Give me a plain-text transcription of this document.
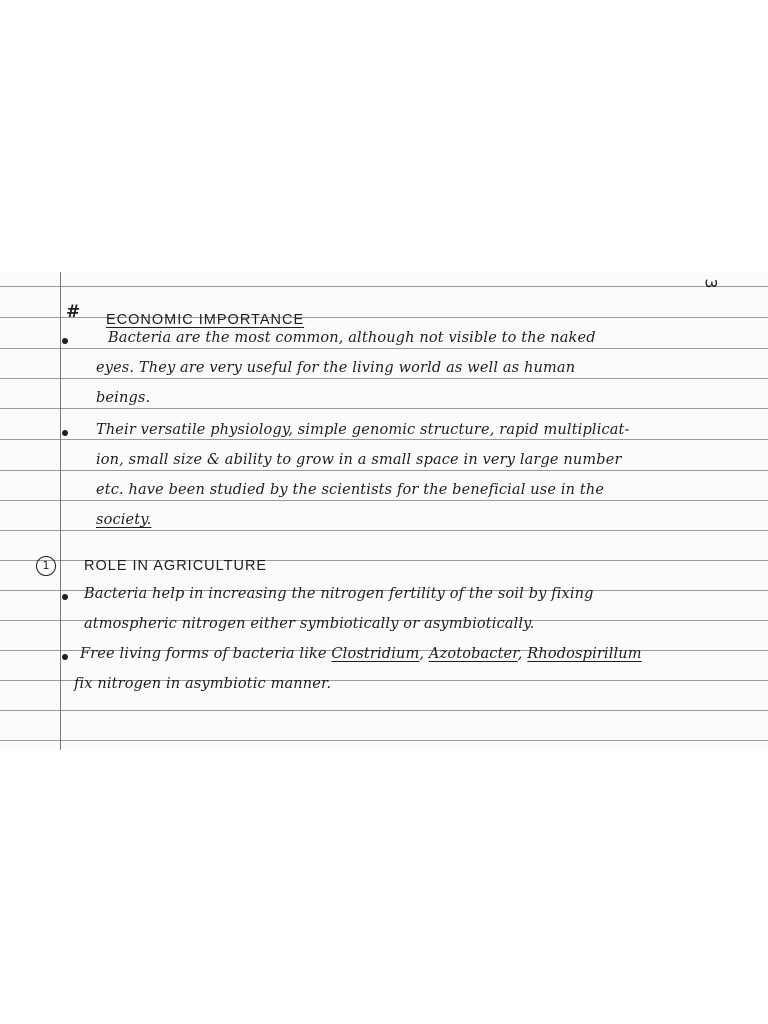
3
# ECONOMIC IMPORTANCE
Bacteria are the most common, although not visible to the naked
eyes. They are very useful for the living world as well as human
beings.
Their versatile physiology, simple genomic structure, rapid multiplicat-
ion, small size & ability to grow in a small space in very large number
etc. have been studied by the scientists for the beneficial use in the
society.
1	ROLE IN AGRICULTURE
Bacteria help in increasing the nitrogen fertility of the soil by fixing
atmospheric nitrogen either symbiotically or asymbiotically.
Free living forms of bacteria like Clostridium, Azotobacter, Rhodospirillum
fix nitrogen in asymbiotic manner.
